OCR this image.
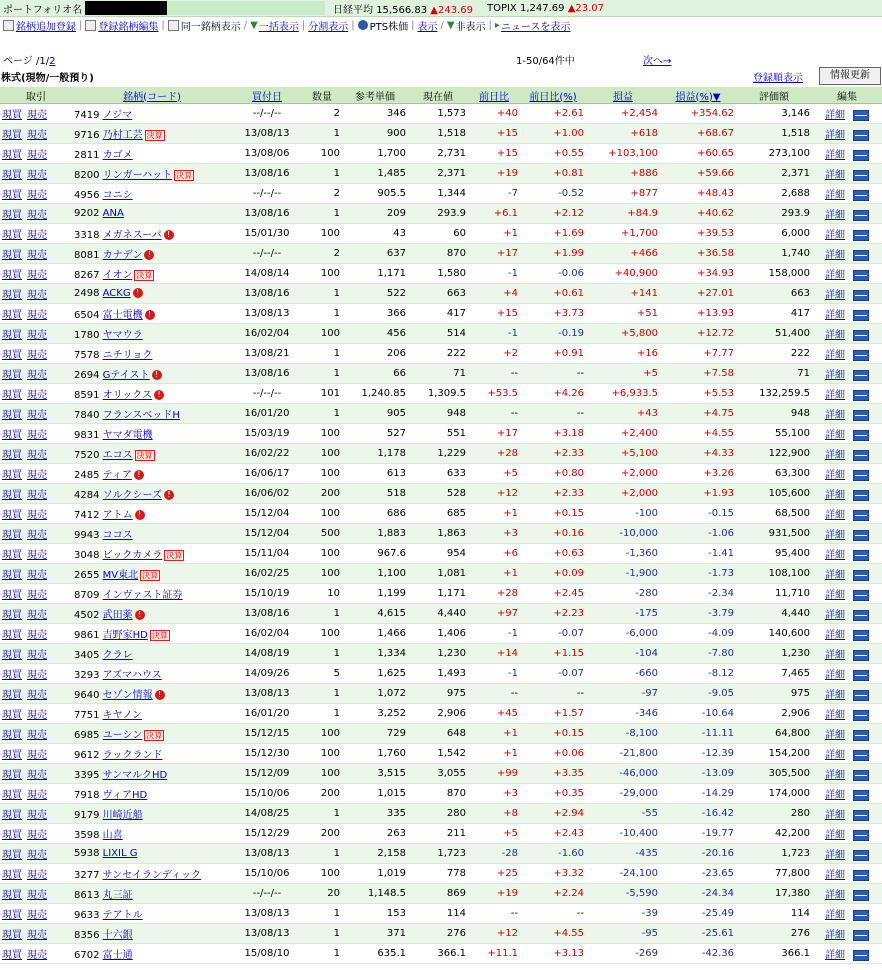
ポートフォリオ名	日経平均 15,566.83 ▲243.69	TOPIX 1,247.69 ▲23.07
銘柄追加登録 | 登録銘柄編集 | 同一銘柄表示 / ▼ 一括表示 | 分割表示 | PTS株価 | 表示 / ▼ 非表示 | ▸ ニュースを表示
ページ /1/2	1-50/64件中	次へ→
株式(現物/一般預り)	登録順表示	情報更新
取引	銘柄(コード)	買付日	数量	参考単価	現在値	前日比	前日比(%)	損益	損益(%)▼	評価額	編集
現買 現売	7419 ノジマ	--/--/--	2	346	1,573	+40	+2.61	+2,454	+354.62	3,146	詳細
現買 現売	9716 乃村工芸 決算	13/08/13	1	900	1,518	+15	+1.00	+618	+68.67	1,518	詳細
現買 現売	2811 カゴメ	13/08/06	100	1,700	2,731	+15	+0.55	+103,100	+60.65	273,100	詳細
現買 現売	8200 リンガーハット 決算	13/08/16	1	1,485	2,371	+19	+0.81	+886	+59.66	2,371	詳細
現買 現売	4956 コニシ	--/--/--	2	905.5	1,344	-7	-0.52	+877	+48.43	2,688	詳細
現買 現売	9202 ANA	13/08/16	1	209	293.9	+6.1	+2.12	+84.9	+40.62	293.9	詳細
現買 現売	3318 メガネスーパ !	15/01/30	100	43	60	+1	+1.69	+1,700	+39.53	6,000	詳細
現買 現売	8081 カナデン !	--/--/--	2	637	870	+17	+1.99	+466	+36.58	1,740	詳細
現買 現売	8267 イオン 決算	14/08/14	100	1,171	1,580	-1	-0.06	+40,900	+34.93	158,000	詳細
現買 現売	2498 ACKG !	13/08/16	1	522	663	+4	+0.61	+141	+27.01	663	詳細
現買 現売	6504 富士電機 !	13/08/13	1	366	417	+15	+3.73	+51	+13.93	417	詳細
現買 現売	1780 ヤマウラ	16/02/04	100	456	514	-1	-0.19	+5,800	+12.72	51,400	詳細
現買 現売	7578 ニチリョク	13/08/21	1	206	222	+2	+0.91	+16	+7.77	222	詳細
現買 現売	2694 Gテイスト !	13/08/16	1	66	71	--	--	+5	+7.58	71	詳細
現買 現売	8591 オリックス !	--/--/--	101	1,240.85	1,309.5	+53.5	+4.26	+6,933.5	+5.53	132,259.5	詳細
現買 現売	7840 フランスベッドH	16/01/20	1	905	948	--	--	+43	+4.75	948	詳細
現買 現売	9831 ヤマダ電機	15/03/19	100	527	551	+17	+3.18	+2,400	+4.55	55,100	詳細
現買 現売	7520 エコス 決算	16/02/22	100	1,178	1,229	+28	+2.33	+5,100	+4.33	122,900	詳細
現買 現売	2485 ティア !	16/06/17	100	613	633	+5	+0.80	+2,000	+3.26	63,300	詳細
現買 現売	4284 ソルクシーズ !	16/06/02	200	518	528	+12	+2.33	+2,000	+1.93	105,600	詳細
現買 現売	7412 アトム !	15/12/04	100	686	685	+1	+0.15	-100	-0.15	68,500	詳細
現買 現売	9943 ココス	15/12/04	500	1,883	1,863	+3	+0.16	-10,000	-1.06	931,500	詳細
現買 現売	3048 ビックカメラ 決算	15/11/04	100	967.6	954	+6	+0.63	-1,360	-1.41	95,400	詳細
現買 現売	2655 MV東北 決算	16/02/25	100	1,100	1,081	+1	+0.09	-1,900	-1.73	108,100	詳細
現買 現売	8709 インヴァスト証券	15/10/19	10	1,199	1,171	+28	+2.45	-280	-2.34	11,710	詳細
現買 現売	4502 武田薬 !	13/08/16	1	4,615	4,440	+97	+2.23	-175	-3.79	4,440	詳細
現買 現売	9861 吉野家HD 決算	16/02/04	100	1,466	1,406	-1	-0.07	-6,000	-4.09	140,600	詳細
現買 現売	3405 クラレ	14/08/19	1	1,334	1,230	+14	+1.15	-104	-7.80	1,230	詳細
現買 現売	3293 アズマハウス	14/09/26	5	1,625	1,493	-1	-0.07	-660	-8.12	7,465	詳細
現買 現売	9640 セゾン情報 !	13/08/13	1	1,072	975	--	--	-97	-9.05	975	詳細
現買 現売	7751 キヤノン	16/01/20	1	3,252	2,906	+45	+1.57	-346	-10.64	2,906	詳細
現買 現売	6985 ユーシン 決算	15/12/15	100	729	648	+1	+0.15	-8,100	-11.11	64,800	詳細
現買 現売	9612 ラックランド	15/12/30	100	1,760	1,542	+1	+0.06	-21,800	-12.39	154,200	詳細
現買 現売	3395 サンマルクHD	15/12/09	100	3,515	3,055	+99	+3.35	-46,000	-13.09	305,500	詳細
現買 現売	7918 ヴィアHD	15/10/06	200	1,015	870	+3	+0.35	-29,000	-14.29	174,000	詳細
現買 現売	9179 川崎近船	14/08/25	1	335	280	+8	+2.94	-55	-16.42	280	詳細
現買 現売	3598 山喜	15/12/29	200	263	211	+5	+2.43	-10,400	-19.77	42,200	詳細
現買 現売	5938 LIXIL G	13/08/13	1	2,158	1,723	-28	-1.60	-435	-20.16	1,723	詳細
現買 現売	3277 サンセイランディック	15/10/06	100	1,019	778	+25	+3.32	-24,100	-23.65	77,800	詳細
現買 現売	8613 丸三証	--/--/--	20	1,148.5	869	+19	+2.24	-5,590	-24.34	17,380	詳細
現買 現売	9633 テアトル	13/08/13	1	153	114	--	--	-39	-25.49	114	詳細
現買 現売	8356 十六銀	13/08/13	1	371	276	+12	+4.55	-95	-25.61	276	詳細
現買 現売	6702 富士通	15/08/10	1	635.1	366.1	+11.1	+3.13	-269	-42.36	366.1	詳細
